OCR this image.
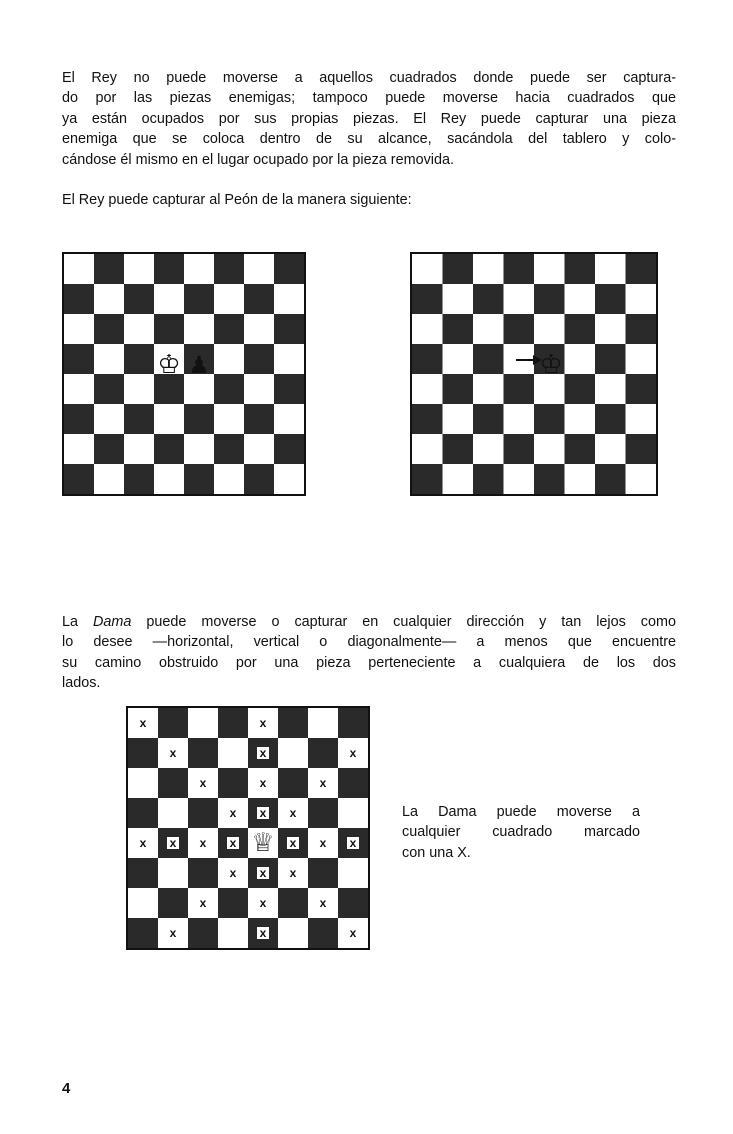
El Rey no puede moverse a aquellos cuadrados donde puede ser captura-
do por las piezas enemigas; tampoco puede moverse hacia cuadrados que
ya están ocupados por sus propias piezas. El Rey puede capturar una pieza
enemiga que se coloca dentro de su alcance, sacándola del tablero y colo-
cándose él mismo en el lugar ocupado por la pieza removida.
El Rey puede capturar al Peón de la manera siguiente:
♔ ♟	♔
La Dama puede moverse o capturar en cualquier dirección y tan lejos como
lo desee —horizontal, vertical o diagonalmente— a menos que encuentre
su camino obstruido por una pieza perteneciente a cualquiera de los dos
lados.
x	x
x	x	x
x	x	x
x x x
x x x x	x x x
x x x
x	x	x
x	x	x
♕
La Dama puede moverse a
cualquier cuadrado marcado
con una X.
4
